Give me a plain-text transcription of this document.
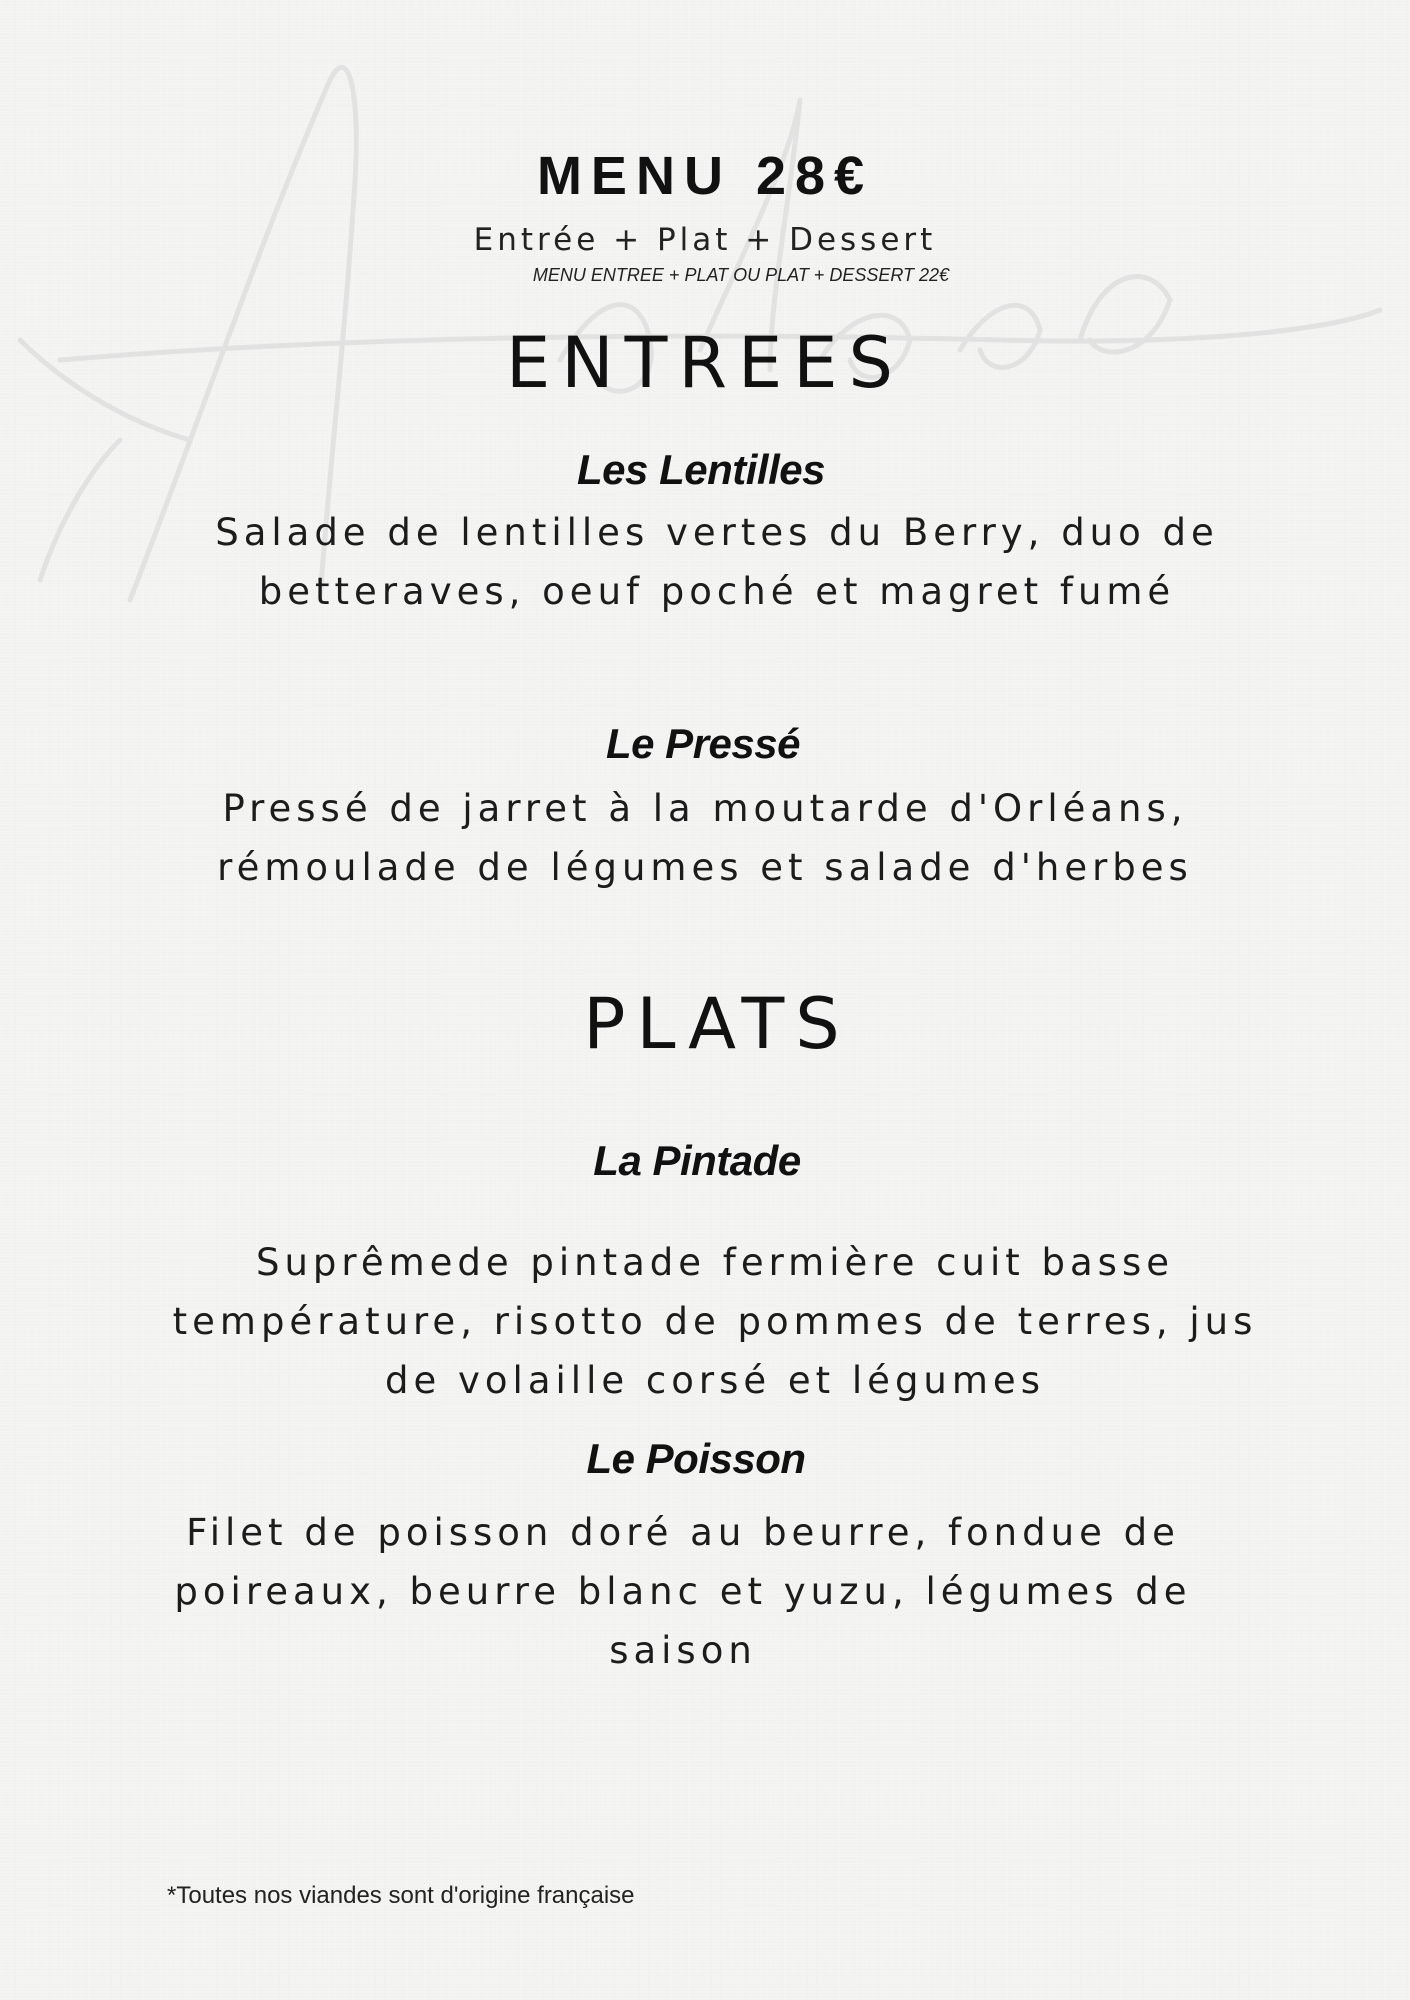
MENU 28€
Entrée + Plat + Dessert
MENU ENTREE + PLAT OU PLAT + DESSERT 22€
ENTREES
Les Lentilles
Salade de lentilles vertes du Berry, duo de
betteraves, oeuf poché et magret fumé
Le Pressé
Pressé de jarret à la moutarde d'Orléans,
rémoulade de légumes et salade d'herbes
PLATS
La Pintade
Suprêmede pintade fermière cuit basse
température, risotto de pommes de terres, jus
de volaille corsé et légumes
Le Poisson
Filet de poisson doré au beurre, fondue de
poireaux, beurre blanc et yuzu, légumes de
saison
*Toutes nos viandes sont d'origine française
